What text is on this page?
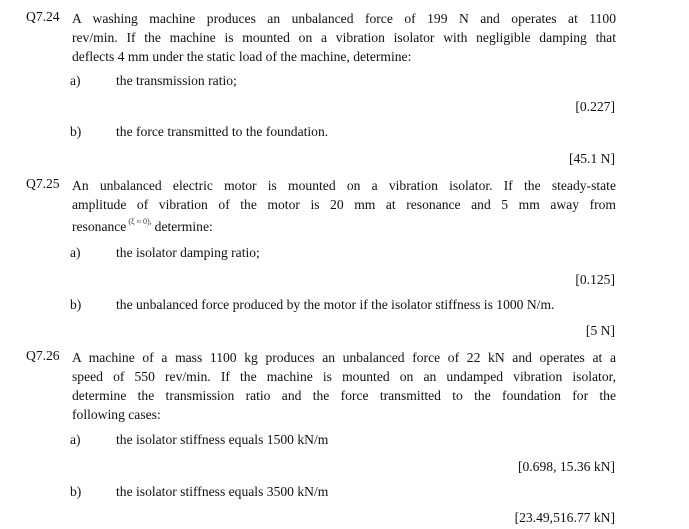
Q7.24 A washing machine produces an unbalanced force of 199 N and operates at 1100
rev/min. If the machine is mounted on a vibration isolator with negligible damping that
deflects 4 mm under the static load of the machine, determine:
a)	the transmission ratio;
[0.227]
b)	the force transmitted to the foundation.
[45.1 N]
Q7.25 An unbalanced electric motor is mounted on a vibration isolator. If the steady-state
amplitude of vibration of the motor is 20 mm at resonance and 5 mm away from
resonance $^{(\xi \approx 0),}$ determine:
a)	the isolator damping ratio;
[0.125]
b)	the unbalanced force produced by the motor if the isolator stiffness is 1000 N/m.
[5 N]
Q7.26 A machine of a mass 1100 kg produces an unbalanced force of 22 kN and operates at a
speed of 550 rev/min. If the machine is mounted on an undamped vibration isolator,
determine the transmission ratio and the force transmitted to the foundation for the
following cases:
a)	the isolator stiffness equals 1500 kN/m
[0.698, 15.36 kN]
b)	the isolator stiffness equals 3500 kN/m
[23.49,516.77 kN]
